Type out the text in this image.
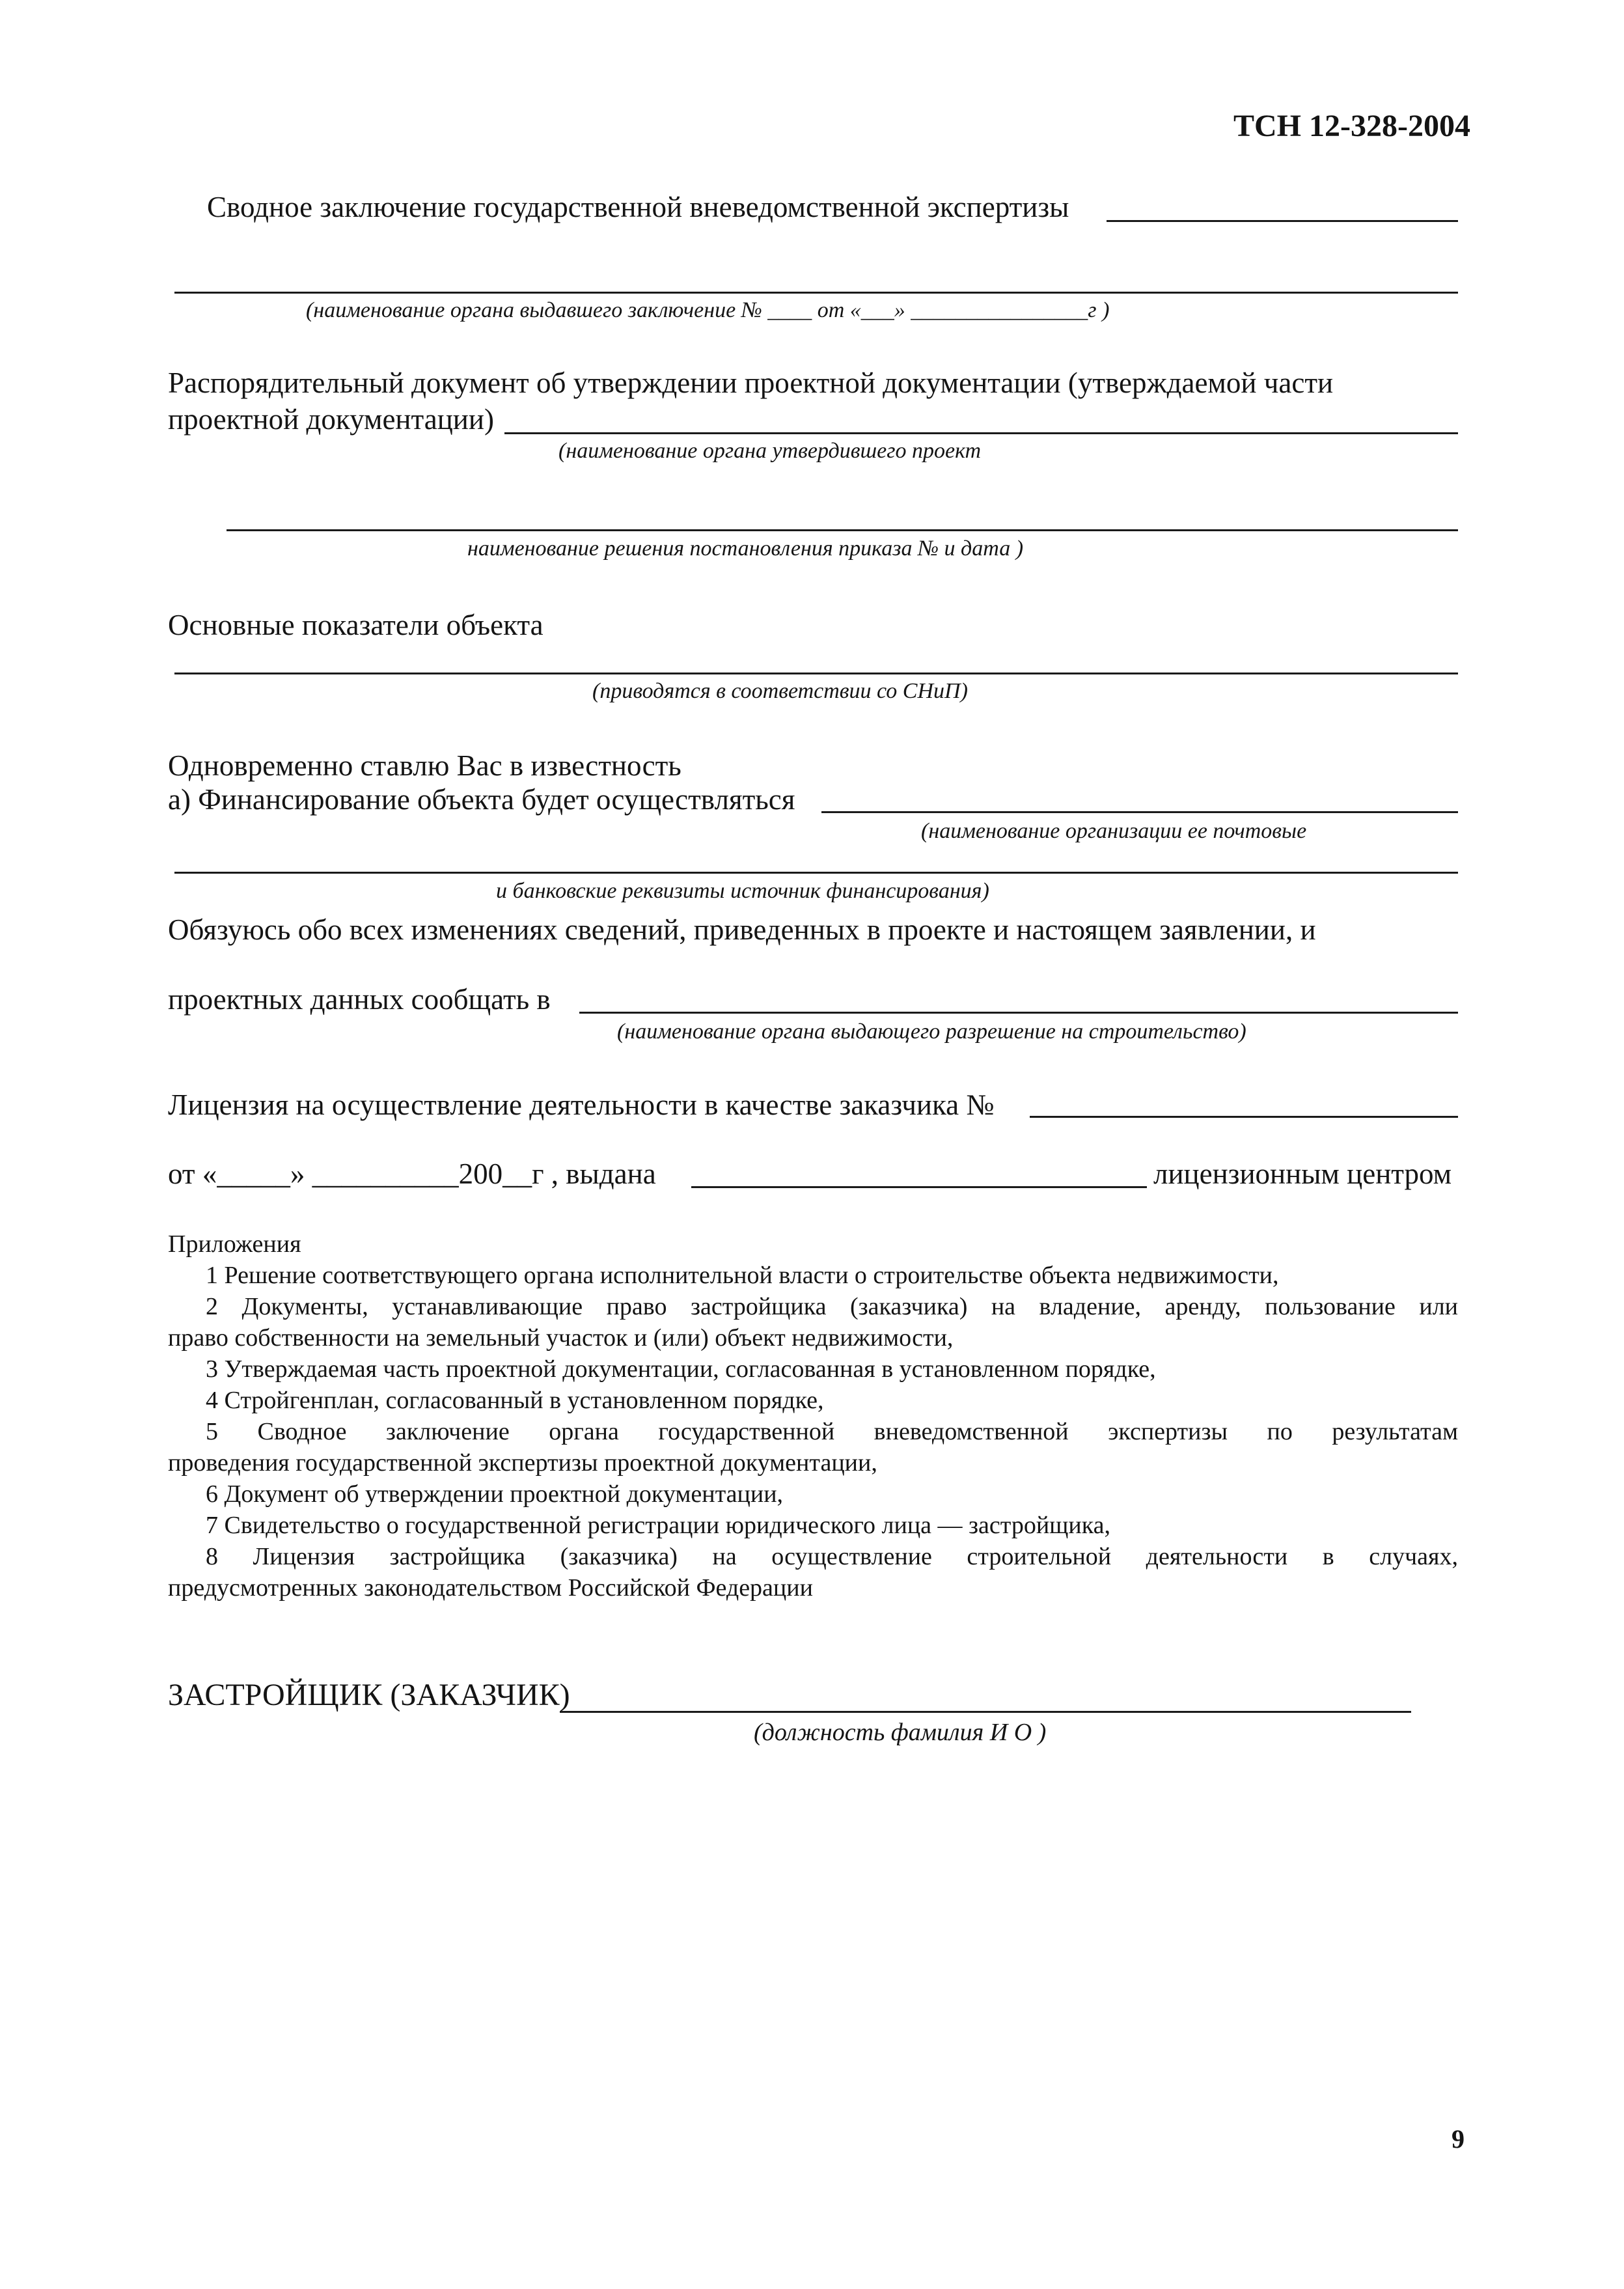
ТСН 12-328-2004
Сводное заключение государственной вневедомственной экспертизы
(наименование органа выдавшего заключение № ____ от «___» ________________г )
Распорядительный документ об утверждении проектной документации (утверждаемой части
проектной документации)
(наименование органа утвердившего проект
наименование решения постановления приказа № и дата )
Основные показатели объекта
(приводятся в соответствии со СНиП)
Одновременно ставлю Вас в известность
а) Финансирование объекта будет осуществляться
(наименование организации ее почтовые
и банковские реквизиты источник финансирования)
Обязуюсь обо всех изменениях сведений, приведенных в проекте и настоящем заявлении, и
проектных данных сообщать в
(наименование органа выдающего разрешение на строительство)
Лицензия на осуществление деятельности в качестве заказчика №
от «_____» __________200__г , выдана	лицензионным центром
Приложения
1 Решение соответствующего органа исполнительной власти о строительстве объекта недвижимости,
2 Документы, устанавливающие право застройщика (заказчика) на владение, аренду, пользование или
право собственности на земельный участок и (или) объект недвижимости,
3 Утверждаемая часть проектной документации, согласованная в установленном порядке,
4 Стройгенплан, согласованный в установленном порядке,
5 Сводное заключение органа государственной вневедомственной экспертизы по результатам
проведения государственной экспертизы проектной документации,
6 Документ об утверждении проектной документации,
7 Свидетельство о государственной регистрации юридического лица — застройщика,
8 Лицензия застройщика (заказчика) на осуществление строительной деятельности в случаях,
предусмотренных законодательством Российской Федерации
ЗАСТРОЙЩИК (ЗАКАЗЧИК)
(должность фамилия И О )
9
